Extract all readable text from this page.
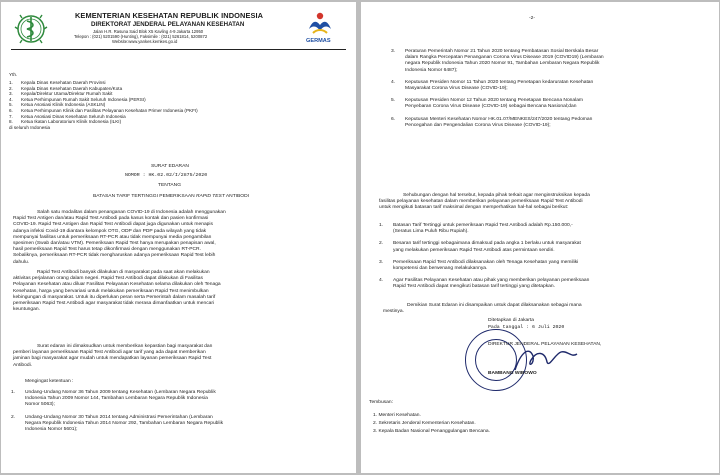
KEMENTERIAN KESEHATAN REPUBLIK INDONESIA
DIREKTORAT JENDERAL PELAYANAN KESEHATAN
Jalan H.R. Rasuna Said Blok X5 Kavling 4-9 Jakarta 12950
Telepon : (021) 5201590 (Hunting), Faksimile : (021) 5261814, 5200872
Website:www.yankes.kemkes.go.id	GERMAS
Yth.
1. Kepala Dinas Kesehatan Daerah Provinsi
2. Kepala Dinas Kesehatan Daerah Kabupaten/Kota
3. Kepala/Direktur Utama/Direktur Rumah Sakit
4. Ketua Perhimpunan Rumah Sakit Seluruh Indonesia (PERSI)
5. Ketua Asosiasi Klinik Indonesia (ASKLIN)
6. Ketua Perhimpunan Klinik dan Fasilitas Pelayanan Kesehatan Primer Indonesia (PKFI)
7. Ketua Asosiasi Dinas Kesehatan Seluruh Indonesia
8. Ketua Ikatan Laboratorium Klinik Indonesia (ILKI)
di seluruh Indonesia
SURAT EDARAN
NOMOR : HK.02.02/I/2875/2020
TENTANG
BATASAN TARIF TERTINGGI PEMERIKSAAN RAPID TEST ANTIBODI
Salah satu modalitas dalam penanganan COVID-19 di Indonesia adalah menggunakan
Rapid Test Antigen dan/atau Rapid Test Antibodi pada kasus kontak dan pasien konfirmasi
COVID-19. Rapid Test Antigen dan Rapid Test Antibodi dapat juga digunakan untuk menapis
adanya infeksi Covid-19 diantara kelompok OTG, ODP dan PDP pada wilayah yang tidak
mempunyai fasilitas untuk pemeriksaan RT-PCR atau tidak mempunyai media pengambilan
spesimen (Swab dan/atau VTM). Pemeriksaan Rapid Test hanya merupakan penapisan awal,
hasil pemeriksaan Rapid Test harus tetap dikonfirmasi dengan menggunakan RT-PCR.
Sebaliknya, pemeriksaan RT-PCR tidak mengharuskan adanya pemeriksaan Rapid Test lebih
dahulu.
Rapid Test Antibodi banyak dilakukan di masyarakat pada saat akan melakukan
aktivitas perjalanan orang dalam negeri. Rapid Test Antibodi dapat dilakukan di Fasilitas
Pelayanan Kesehatan atau diluar Fasilitas Pelayanan Kesehatan selama dilakukan oleh Tenaga
Kesehatan, harga yang bervariasi untuk melakukan pemeriksaan Rapid Test menimbulkan
kebingungan di masyarakat. Untuk itu diperlukan peran serta Pemerintah dalam masalah tarif
pemeriksaan Rapid Test Antibodi agar masyarakat tidak merasa dimanfaatkan untuk mencari
keuntungan.
Surat edaran ini dimaksudkan untuk memberikan kepastian bagi masyarakat dan
pemberi layanan pemeriksaan Rapid Test Antibodi agar tarif yang ada dapat memberikan
jaminan bagi masyarakat agar mudah untuk mendapatkan layanan pemeriksaan Rapid Test
Antibodi.
Mengingat ketentuan :
1. Undang-Undang Nomor 36 Tahun 2009 tentang Kesehatan (Lembaran Negara Republik
Indonesia Tahun 2009 Nomor 144, Tambahan Lembaran Negara Republik Indonesia
Nomor 5063);
2. Undang-Undang Nomor 30 Tahun 2014 tentang Administrasi Pemerintahan (Lembaran
Negara Republik Indonesia Tahun 2014 Nomor 292, Tambahan Lembaran Negara Republik
Indonesia Nomor 5601);
-2-
3. Peraturan Pemerintah Nomor 21 Tahun 2020 tentang Pembatasan Sosial Berskala Besar
dalam Rangka Percepatan Penanganan Corona Virus Disease 2019 (COVID19) (Lembaran
negara Republik Indonesia Tahun 2020 Nomor 91, Tambahan Lembaran Negara Republik
Indonesia Nomor 6487);
4. Keputusan Presiden Nomor 11 Tahun 2020 tentang Penetapan kedaruratan Kesehatan
Masyarakat Corona Virus Disease (COVID-19);
5. Keputusan Presiden Nomor 12 Tahun 2020 tentang Penetapan Bencana Nonalam
Penyebaran Corona Virus Disease (COVID-19) sebagai Bencana Nasional;dan
6. Keputusan Menteri Kesehatan Nomor HK.01.07/MENKES/247/2020 tentang Pedoman
Pencegahan dan Pengendalian Corona Virus Disease (COVID-19);
Sehubungan dengan hal tersebut, kepada pihak terkait agar menginstruksikan kepada
fasilitas pelayanan kesehatan dalam memberikan pelayanan pemeriksaan Rapid Test Antibodi
untuk mengikuti batasan tarif maksimal dengan memperhatikan hal-hal sebagai berikut:
1. Batasan Tarif Tertinggi untuk pemeriksaan Rapid Test Antibodi adalah Rp.150.000,-
(Seratus Lima Puluh Ribu Rupiah).
2. Besaran tarif tertinggi sebagaimana dimaksud pada angka 1 berlaku untuk masyarakat
yang melakukan pemeriksaan Rapid Test Antibodi atas permintaan sendiri.
3. Pemeriksaan Rapid Test Antibodi dilaksanakan oleh Tenaga Kesehatan yang memiliki
kompetensi dan berwenang melakukannya.
4. Agar Fasilitas Pelayanan Kesehatan atau pihak yang memberikan pelayanan pemeriksaan
Rapid Test Antibodi dapat mengikuti batasan tarif tertinggi yang ditetapkan.
Demikian Surat Edaran ini disampaikan untuk dapat dilaksanakan sebagai mana
mestinya.
Ditetapkan di Jakarta
Pada tanggal : 6 Juli 2020
DIREKTUR JENDERAL PELAYANAN KESEHATAN,
BAMBANG WIBOWO
Tembusan:
1. Menteri Kesehatan.
2. Sekretaris Jenderal Kementerian Kesehatan.
3. Kepala Badan Nasional Penanggulangan Bencana.
